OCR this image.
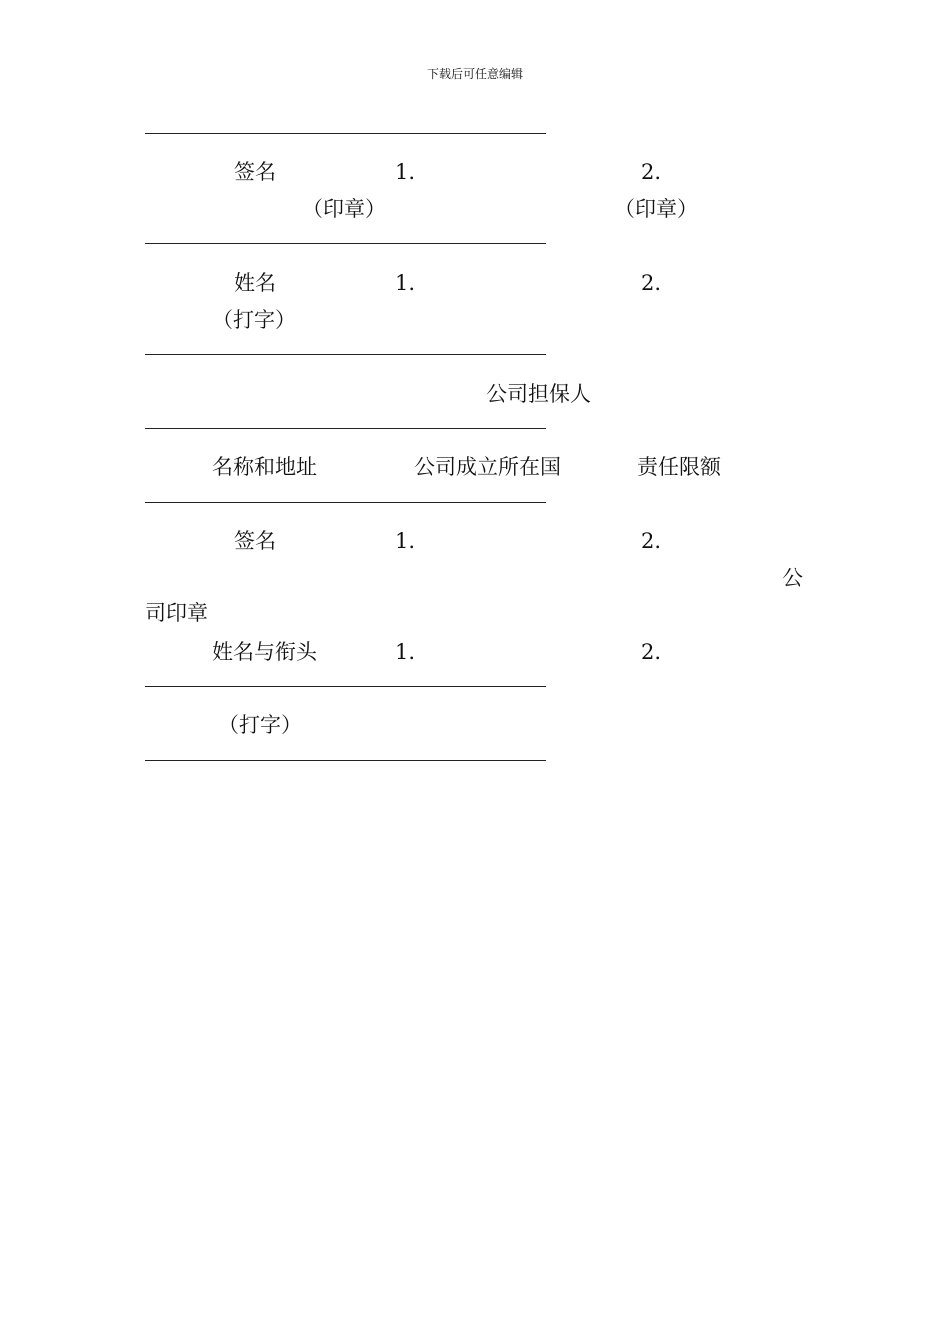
下载后可任意编辑
签名	1.	2.
（印章）	（印章）
姓名	1.	2.
（打字）
公司担保人
名称和地址	公司成立所在国	责任限额
签名	1.	2.
公
司印章
姓名与衔头	1.	2.
（打字）
